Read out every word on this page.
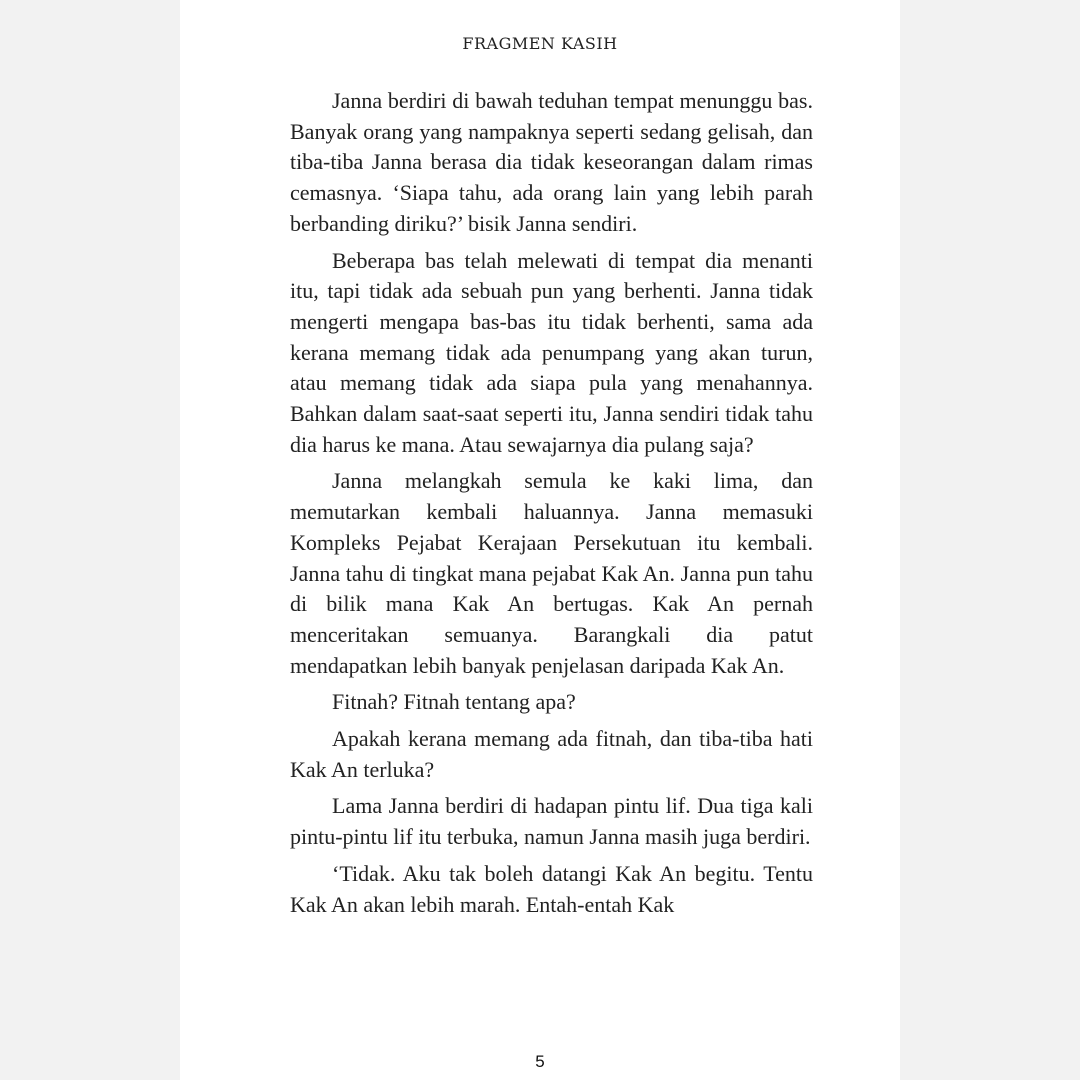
FRAGMEN KASIH

Janna berdiri di bawah teduhan tempat menunggu bas. Banyak orang yang nampaknya seperti sedang gelisah, dan tiba-tiba Janna berasa dia tidak keseorangan dalam rimas cemasnya. ‘Siapa tahu, ada orang lain yang lebih parah berbanding diriku?’ bisik Janna sendiri.

Beberapa bas telah melewati di tempat dia menanti itu, tapi tidak ada sebuah pun yang berhenti. Janna tidak mengerti mengapa bas-bas itu tidak berhenti, sama ada kerana memang tidak ada penumpang yang akan turun, atau memang tidak ada siapa pula yang menahannya. Bahkan dalam saat-saat seperti itu, Janna sendiri tidak tahu dia harus ke mana. Atau sewajarnya dia pulang saja?

Janna melangkah semula ke kaki lima, dan memutarkan kembali haluannya. Janna memasuki Kompleks Pejabat Kerajaan Persekutuan itu kembali. Janna tahu di tingkat mana pejabat Kak An. Janna pun tahu di bilik mana Kak An bertugas. Kak An pernah menceritakan semuanya. Barangkali dia patut mendapatkan lebih banyak penjelasan daripada Kak An.

Fitnah? Fitnah tentang apa?

Apakah kerana memang ada fitnah, dan tiba-tiba hati Kak An terluka?

Lama Janna berdiri di hadapan pintu lif. Dua tiga kali pintu-pintu lif itu terbuka, namun Janna masih juga berdiri.

‘Tidak. Aku tak boleh datangi Kak An begitu. Tentu Kak An akan lebih marah. Entah-entah Kak

5
